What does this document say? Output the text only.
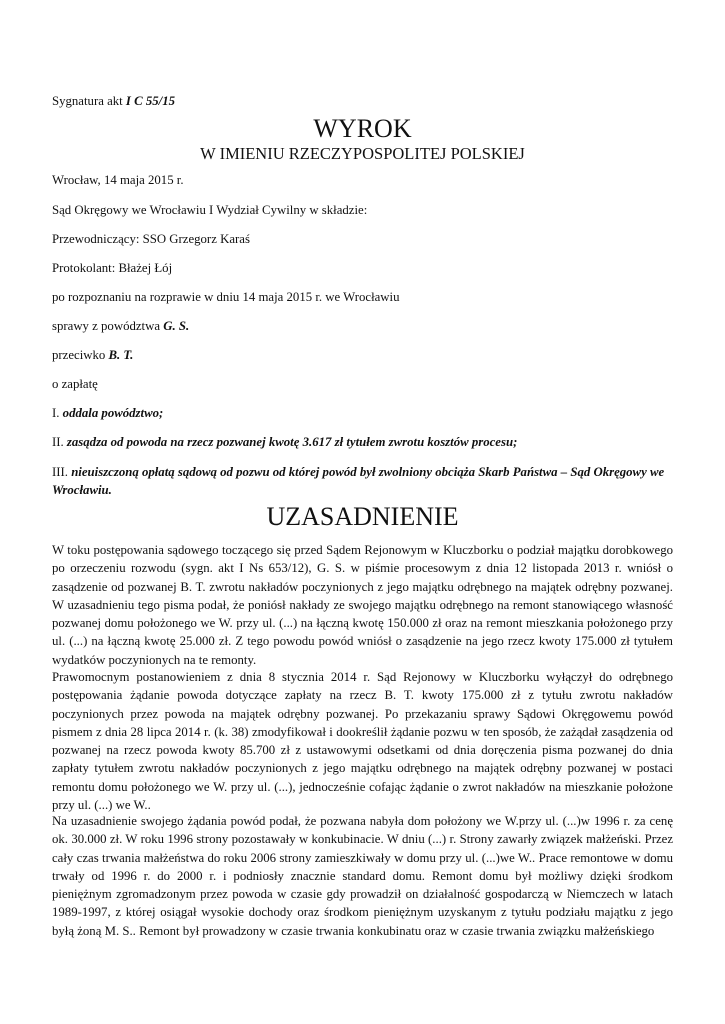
Sygnatura akt I C 55/15
WYROK
W IMIENIU RZECZYPOSPOLITEJ POLSKIEJ
Wrocław, 14 maja 2015 r.
Sąd Okręgowy we Wrocławiu I Wydział Cywilny w składzie:
Przewodniczący: SSO Grzegorz Karaś
Protokolant: Błażej Łój
po rozpoznaniu na rozprawie w dniu 14 maja 2015 r. we Wrocławiu
sprawy z powództwa G. S.
przeciwko B. T.
o zapłatę
I. oddala powództwo;
II. zasądza od powoda na rzecz pozwanej kwotę 3.617 zł tytułem zwrotu kosztów procesu;
III. nieuiszczoną opłatą sądową od pozwu od której powód był zwolniony obciąża Skarb Państwa – Sąd Okręgowy we Wrocławiu.
UZASADNIENIE

W toku postępowania sądowego toczącego się przed Sądem Rejonowym w Kluczborku o podział majątku dorobkowego po orzeczeniu rozwodu (sygn. akt I Ns 653/12), G. S. w piśmie procesowym z dnia 12 listopada 2013 r. wniósł o zasądzenie od pozwanej B. T. zwrotu nakładów poczynionych z jego majątku odrębnego na majątek odrębny pozwanej. W uzasadnieniu tego pisma podał, że poniósł nakłady ze swojego majątku odrębnego na remont stanowiącego własność pozwanej domu położonego we W. przy ul. (...) na łączną kwotę 150.000 zł oraz na remont mieszkania położonego przy ul. (...) na łączną kwotę 25.000 zł. Z tego powodu powód wniósł o zasądzenie na jego rzecz kwoty 175.000 zł tytułem wydatków poczynionych na te remonty.

Prawomocnym postanowieniem z dnia 8 stycznia 2014 r. Sąd Rejonowy w Kluczborku wyłączył do odrębnego postępowania żądanie powoda dotyczące zapłaty na rzecz B. T. kwoty 175.000 zł z tytułu zwrotu nakładów poczynionych przez powoda na majątek odrębny pozwanej. Po przekazaniu sprawy Sądowi Okręgowemu powód pismem z dnia 28 lipca 2014 r. (k. 38) zmodyfikował i dookreślił żądanie pozwu w ten sposób, że zażądał zasądzenia od pozwanej na rzecz powoda kwoty 85.700 zł z ustawowymi odsetkami od dnia doręczenia pisma pozwanej do dnia zapłaty tytułem zwrotu nakładów poczynionych z jego majątku odrębnego na majątek odrębny pozwanej w postaci remontu domu położonego we W. przy ul. (...), jednocześnie cofając żądanie o zwrot nakładów na mieszkanie położone przy ul. (...) we W..

Na uzasadnienie swojego żądania powód podał, że pozwana nabyła dom położony we W.przy ul. (...)w 1996 r. za cenę ok. 30.000 zł. W roku 1996 strony pozostawały w konkubinacie. W dniu (...) r. Strony zawarły związek małżeński. Przez cały czas trwania małżeństwa do roku 2006 strony zamieszkiwały w domu przy ul. (...)we W.. Prace remontowe w domu trwały od 1996 r. do 2000 r. i podniosły znacznie standard domu. Remont domu był możliwy dzięki środkom pieniężnym zgromadzonym przez powoda w czasie gdy prowadził on działalność gospodarczą w Niemczech w latach 1989-1997, z której osiągał wysokie dochody oraz środkom pieniężnym uzyskanym z tytułu podziału majątku z jego byłą żoną M. S.. Remont był prowadzony w czasie trwania konkubinatu oraz w czasie trwania związku małżeńskiego
